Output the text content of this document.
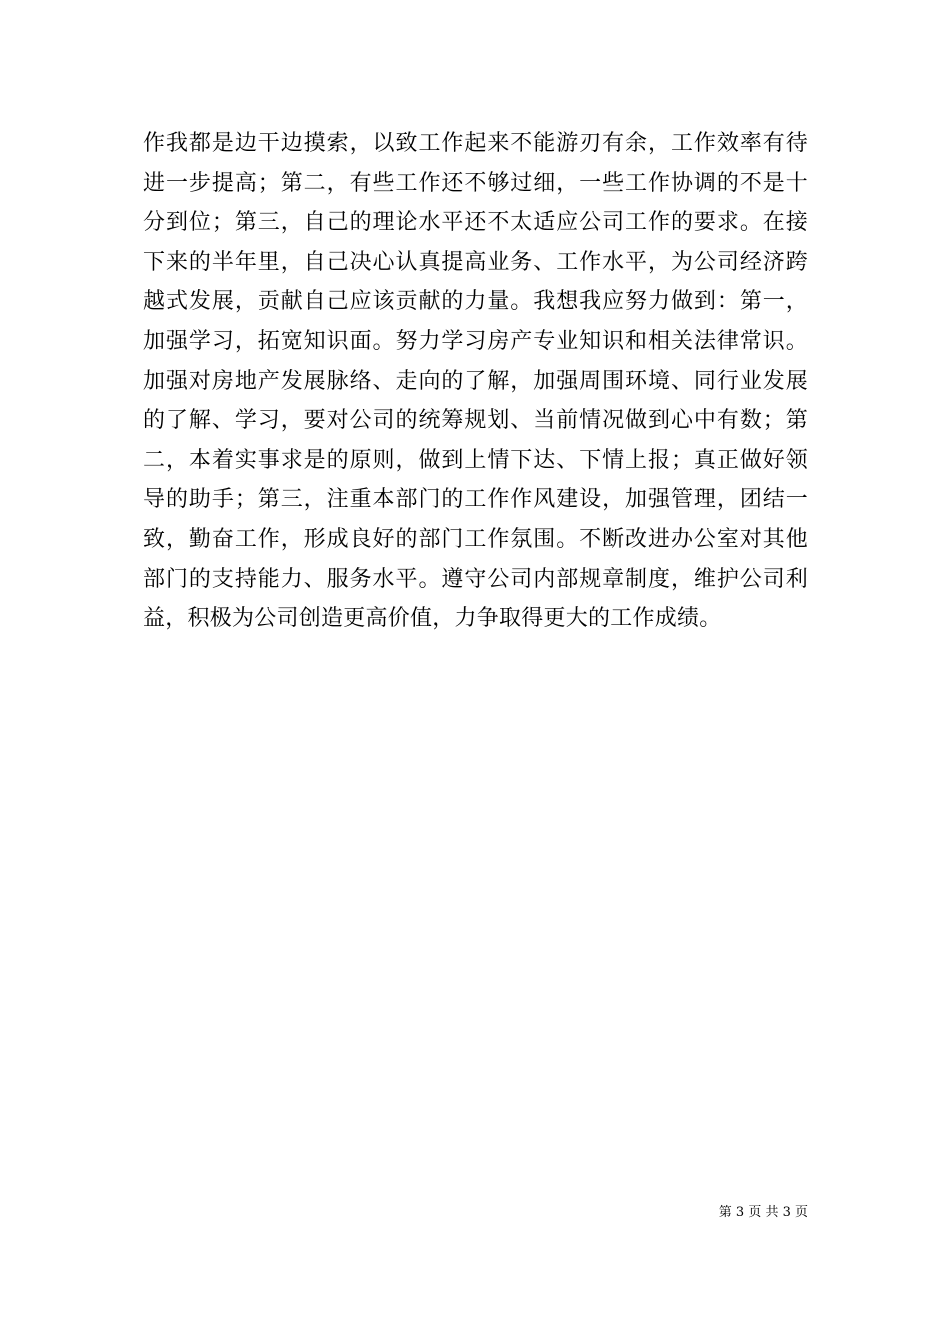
作我都是边干边摸索，以致工作起来不能游刃有余，工作效率有待
进一步提高；第二，有些工作还不够过细，一些工作协调的不是十
分到位；第三，自己的理论水平还不太适应公司工作的要求。在接
下来的半年里，自己决心认真提高业务、工作水平，为公司经济跨
越式发展，贡献自己应该贡献的力量。我想我应努力做到：第一，
加强学习，拓宽知识面。努力学习房产专业知识和相关法律常识。
加强对房地产发展脉络、走向的了解，加强周围环境、同行业发展
的了解、学习，要对公司的统筹规划、当前情况做到心中有数；第
二，本着实事求是的原则，做到上情下达、下情上报；真正做好领
导的助手；第三，注重本部门的工作作风建设，加强管理，团结一
致，勤奋工作，形成良好的部门工作氛围。不断改进办公室对其他
部门的支持能力、服务水平。遵守公司内部规章制度，维护公司利
益，积极为公司创造更高价值，力争取得更大的工作成绩。
第 3 页 共 3 页
